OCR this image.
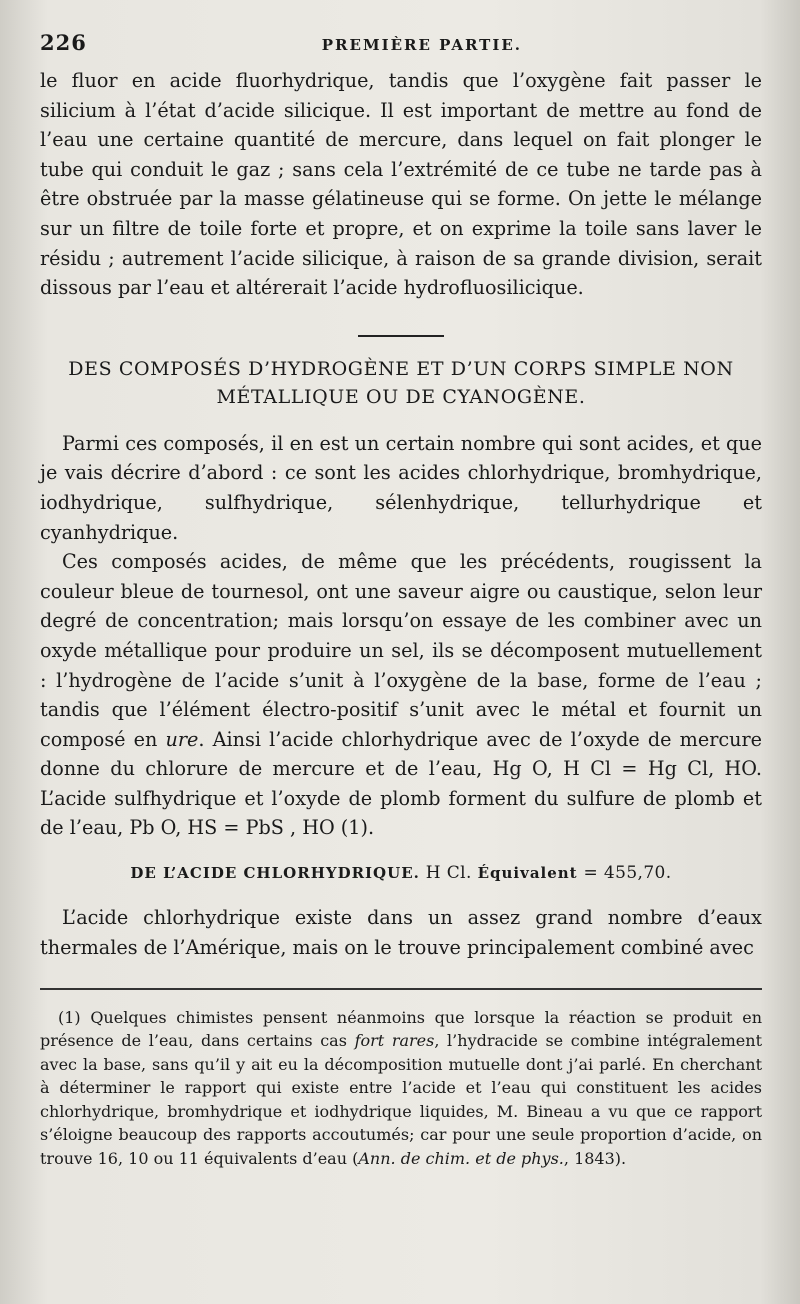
226	PREMIÈRE PARTIE.

le fluor en acide fluorhydrique, tandis que l’oxygène fait passer le silicium à l’état d’acide silicique. Il est important de mettre au fond de l’eau une certaine quantité de mercure, dans lequel on fait plonger le tube qui conduit le gaz ; sans cela l’extrémité de ce tube ne tarde pas à être obstruée par la masse gélatineuse qui se forme. On jette le mélange sur un filtre de toile forte et propre, et on exprime la toile sans laver le résidu ; autrement l’acide silicique, à raison de sa grande division, serait dissous par l’eau et altérerait l’acide hydrofluosilicique.

DES COMPOSÉS D’HYDROGÈNE ET D’UN CORPS SIMPLE NON
MÉTALLIQUE OU DE CYANOGÈNE.

Parmi ces composés, il en est un certain nombre qui sont acides, et que je vais décrire d’abord : ce sont les acides chlorhydrique, bromhydrique, iodhydrique, sulfhydrique, sélenhydrique, tellurhydrique et cyanhydrique.

Ces composés acides, de même que les précédents, rougissent la couleur bleue de tournesol, ont une saveur aigre ou caustique, selon leur degré de concentration; mais lorsqu’on essaye de les combiner avec un oxyde métallique pour produire un sel, ils se décomposent mutuellement : l’hydrogène de l’acide s’unit à l’oxygène de la base, forme de l’eau ; tandis que l’élément électro-positif s’unit avec le métal et fournit un composé en ure. Ainsi l’acide chlorhydrique avec de l’oxyde de mercure donne du chlorure de mercure et de l’eau, Hg O, H Cl = Hg Cl, HO. L’acide sulfhydrique et l’oxyde de plomb forment du sulfure de plomb et de l’eau, Pb O, HS = PbS , HO (1).

DE L’ACIDE CHLORHYDRIQUE. H Cl. Équivalent = 455,70.

L’acide chlorhydrique existe dans un assez grand nombre d’eaux thermales de l’Amérique, mais on le trouve principalement combiné avec

(1) Quelques chimistes pensent néanmoins que lorsque la réaction se produit en présence de l’eau, dans certains cas fort rares, l’hydracide se combine intégralement avec la base, sans qu’il y ait eu la décomposition mutuelle dont j’ai parlé. En cherchant à déterminer le rapport qui existe entre l’acide et l’eau qui constituent les acides chlorhydrique, bromhydrique et iodhydrique liquides, M. Bineau a vu que ce rapport s’éloigne beaucoup des rapports accoutumés; car pour une seule proportion d’acide, on trouve 16, 10 ou 11 équivalents d’eau (Ann. de chim. et de phys., 1843).
